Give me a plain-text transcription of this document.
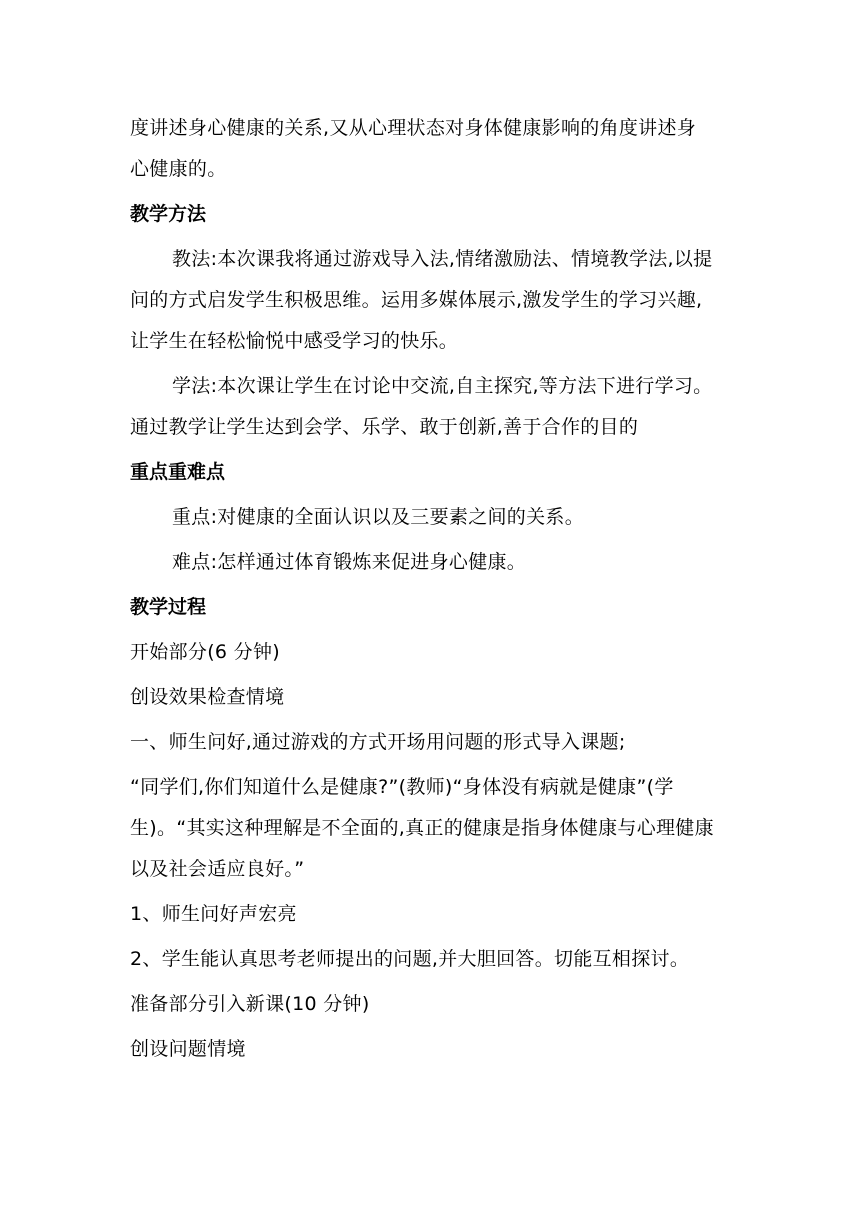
度讲述身心健康的关系,又从心理状态对身体健康影响的角度讲述身
心健康的。
教学方法
教法:本次课我将通过游戏导入法,情绪激励法、情境教学法,以提
问的方式启发学生积极思维。运用多媒体展示,激发学生的学习兴趣,
让学生在轻松愉悦中感受学习的快乐。
学法:本次课让学生在讨论中交流,自主探究,等方法下进行学习。
通过教学让学生达到会学、乐学、敢于创新,善于合作的目的
重点重难点
重点:对健康的全面认识以及三要素之间的关系。
难点:怎样通过体育锻炼来促进身心健康。
教学过程
开始部分(6 分钟)
创设效果检查情境
一、师生问好,通过游戏的方式开场用问题的形式导入课题;
“同学们,你们知道什么是健康?”(教师)“身体没有病就是健康”(学
生)。“其实这种理解是不全面的,真正的健康是指身体健康与心理健康
以及社会适应良好。”
1、师生问好声宏亮
2、学生能认真思考老师提出的问题,并大胆回答。切能互相探讨。
准备部分引入新课(10 分钟)
创设问题情境
